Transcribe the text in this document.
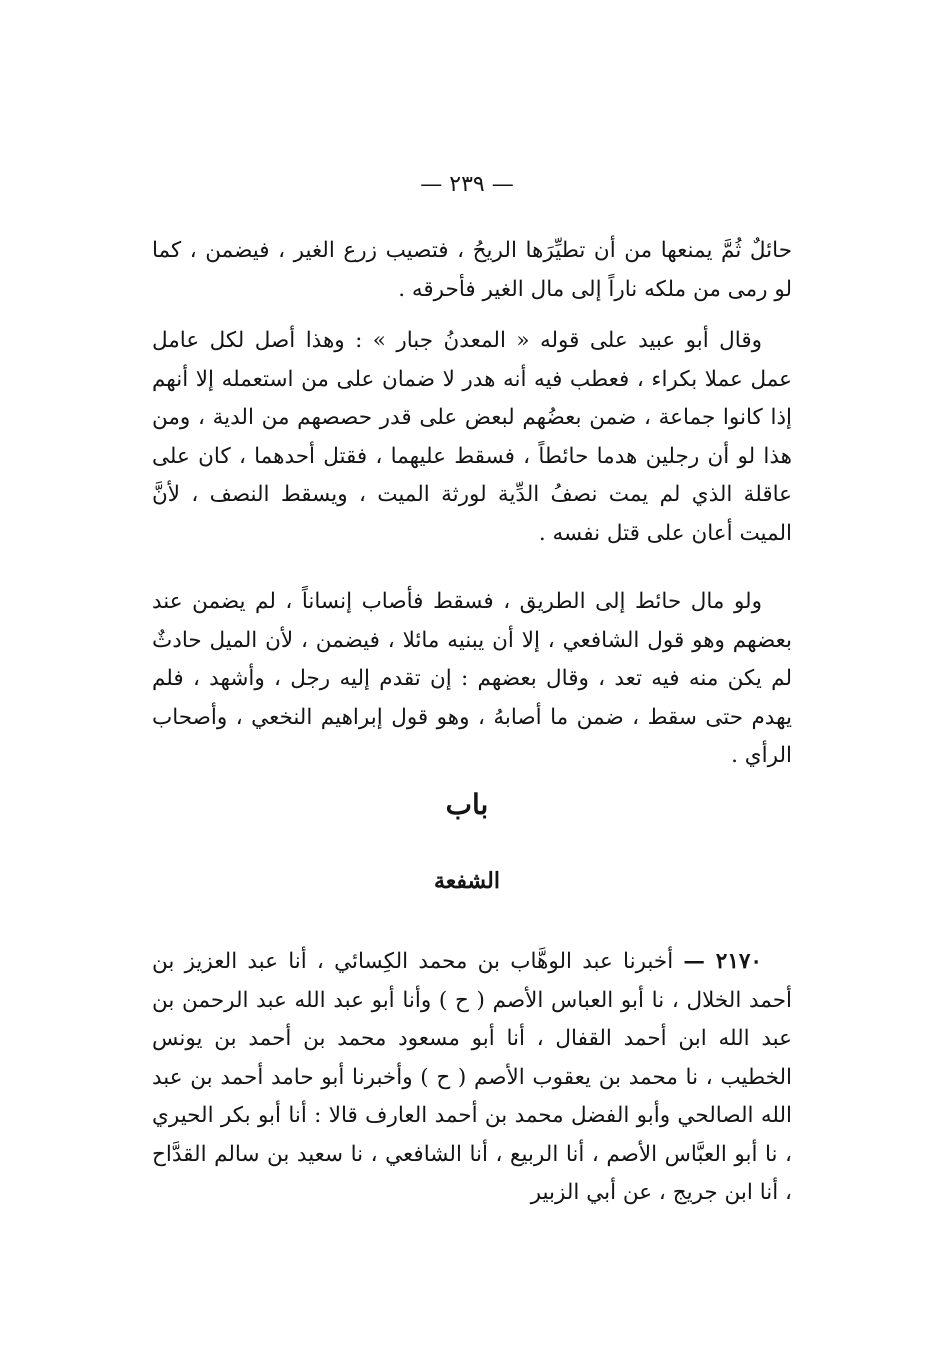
— ٢٣٩ —

حائلٌ ثُمَّ يمنعها من أن تطيِّرَها الريحُ ، فتصيب زرع الغير ، فيضمن ، كما لو رمى من ملكه ناراً إلى مال الغير فأحرقه .

وقال أبو عبيد على قوله « المعدنُ جبار » : وهذا أصل لكل عامل عمل عملا بكراء ، فعطب فيه أنه هدر لا ضمان على من استعمله إلا أنهم إذا كانوا جماعة ، ضمن بعضُهم لبعض على قدر حصصهم من الدية ، ومن هذا لو أن رجلين هدما حائطاً ، فسقط عليهما ، فقتل أحدهما ، كان على عاقلة الذي لم يمت نصفُ الدِّية لورثة الميت ، ويسقط النصف ، لأنَّ الميت أعان على قتل نفسه .

ولو مال حائط إلى الطريق ، فسقط فأصاب إنساناً ، لم يضمن عند بعضهم وهو قول الشافعي ، إلا أن يبنيه مائلا ، فيضمن ، لأن الميل حادثٌ لم يكن منه فيه تعد ، وقال بعضهم : إن تقدم إليه رجل ، وأشهد ، فلم يهدم حتى سقط ، ضمن ما أصابهُ ، وهو قول إبراهيم النخعي ، وأصحاب الرأي .

باب
الشفعة

٢١٧٠ — أخبرنا عبد الوهَّاب بن محمد الكِسائي ، أنا عبد العزيز بن أحمد الخلال ، نا أبو العباس الأصم ( ح ) وأنا أبو عبد الله عبد الرحمن بن عبد الله ابن أحمد القفال ، أنا أبو مسعود محمد بن أحمد بن يونس الخطيب ، نا محمد بن يعقوب الأصم ( ح ) وأخبرنا أبو حامد أحمد بن عبد الله الصالحي وأبو الفضل محمد بن أحمد العارف قالا : أنا أبو بكر الحيري ، نا أبو العبَّاس الأصم ، أنا الربيع ، أنا الشافعي ، نا سعيد بن سالم القدَّاح ، أنا ابن جريج ، عن أبي الزبير
